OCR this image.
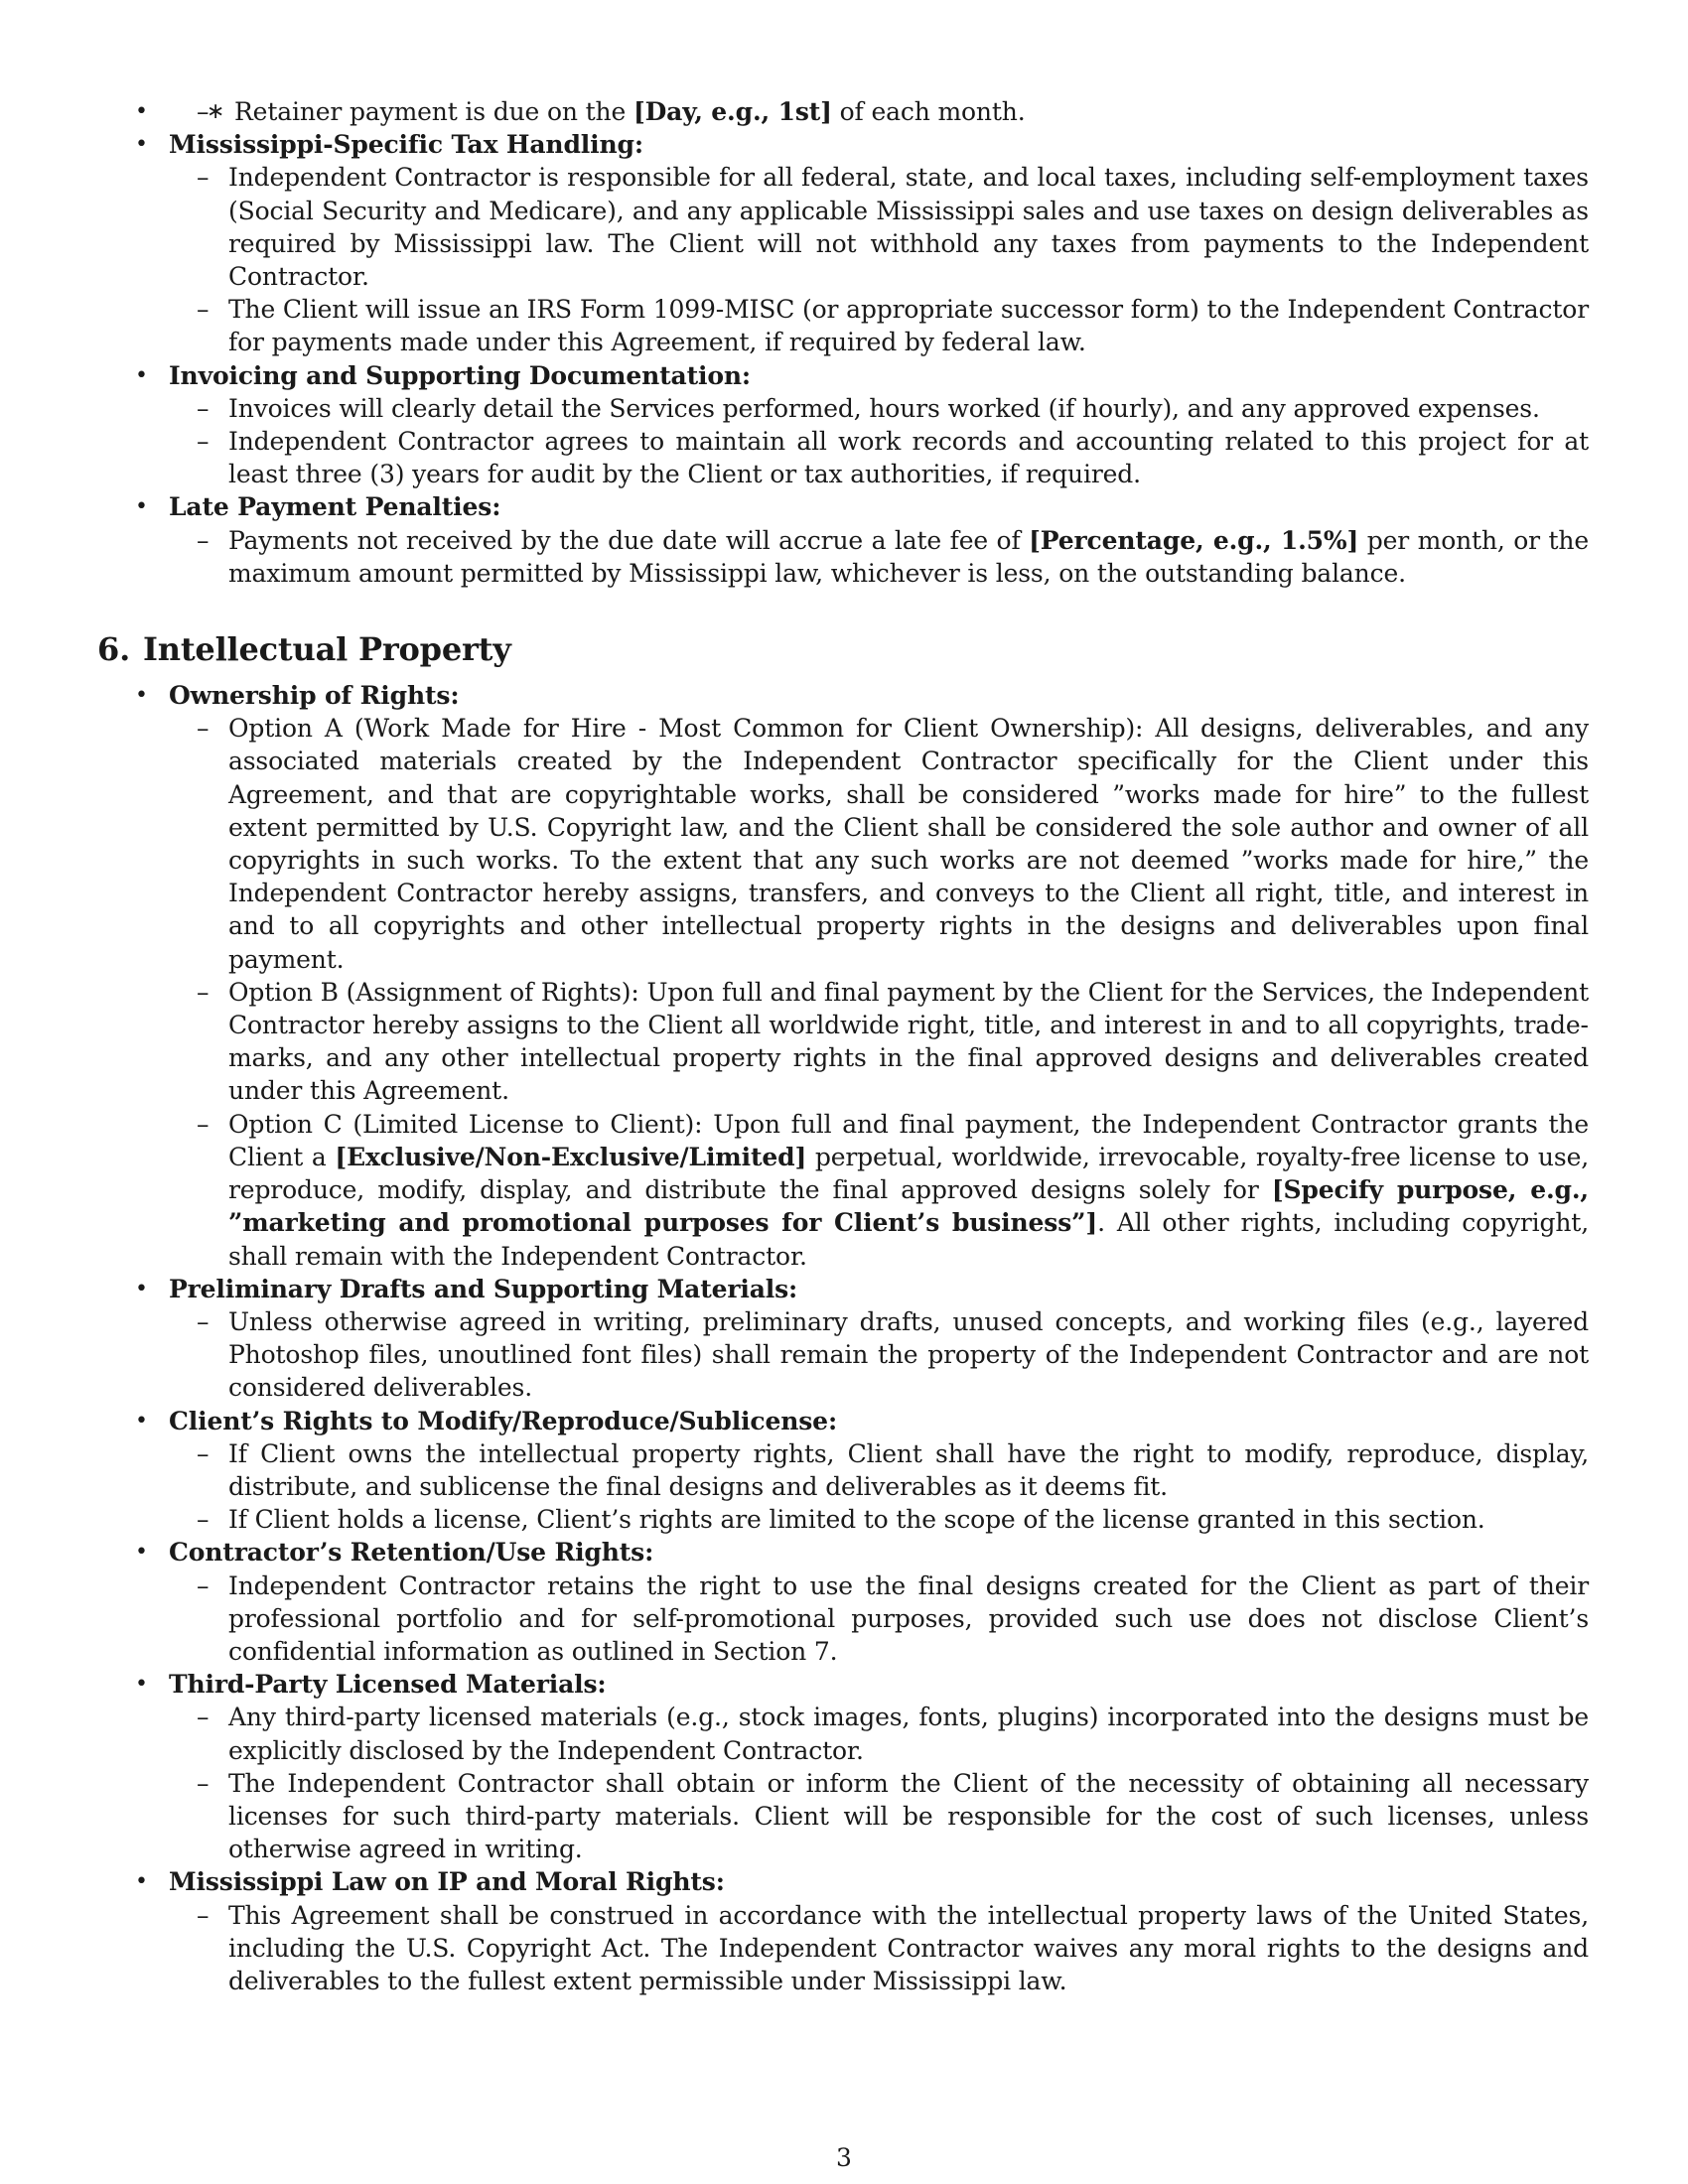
∗ – • Retainer payment is due on the [Day, e.g., 1st] of each month.
• Mississippi-Specific Tax Handling:
– Independent Contractor is responsible for all federal, state, and local taxes, including self-employment taxes (Social Security and Medicare), and any applicable Mississippi sales and use taxes on design deliverables as required by Mississippi law. The Client will not withhold any taxes from payments to the Independent Contractor.
– The Client will issue an IRS Form 1099-MISC (or appropriate successor form) to the Independent Contractor for payments made under this Agreement, if required by federal law.
• Invoicing and Supporting Documentation:
– Invoices will clearly detail the Services performed, hours worked (if hourly), and any approved expenses.
– Independent Contractor agrees to maintain all work records and accounting related to this project for at least three (3) years for audit by the Client or tax authorities, if required.
• Late Payment Penalties:
– Payments not received by the due date will accrue a late fee of [Percentage, e.g., 1.5%] per month, or the maximum amount permitted by Mississippi law, whichever is less, on the outstanding balance.
6. Intellectual Property
• Ownership of Rights:
– Option A (Work Made for Hire - Most Common for Client Ownership): All designs, deliverables, and any associated materials created by the Independent Contractor specifically for the Client under this Agreement, and that are copyrightable works, shall be considered ”works made for hire” to the fullest extent permitted by U.S. Copyright law, and the Client shall be considered the sole author and owner of all copyrights in such works. To the extent that any such works are not deemed ”works made for hire,” the Independent Contractor hereby assigns, transfers, and conveys to the Client all right, title, and interest in and to all copyrights and other intellectual property rights in the designs and deliverables upon final payment.
– Option B (Assignment of Rights): Upon full and final payment by the Client for the Services, the Independent Contractor hereby assigns to the Client all worldwide right, title, and interest in and to all copyrights, trademarks, and any other intellectual property rights in the final approved designs and deliverables created under this Agreement.
– Option C (Limited License to Client): Upon full and final payment, the Independent Contractor grants the Client a [Exclusive/Non-Exclusive/Limited] perpetual, worldwide, irrevocable, royalty-free license to use, reproduce, modify, display, and distribute the final approved designs solely for [Specify purpose, e.g., ”marketing and promotional purposes for Client’s business”]. All other rights, including copyright, shall remain with the Independent Contractor.
• Preliminary Drafts and Supporting Materials:
– Unless otherwise agreed in writing, preliminary drafts, unused concepts, and working files (e.g., layered Photoshop files, unoutlined font files) shall remain the property of the Independent Contractor and are not considered deliverables.
• Client’s Rights to Modify/Reproduce/Sublicense:
– If Client owns the intellectual property rights, Client shall have the right to modify, reproduce, display, distribute, and sublicense the final designs and deliverables as it deems fit.
– If Client holds a license, Client’s rights are limited to the scope of the license granted in this section.
• Contractor’s Retention/Use Rights:
– Independent Contractor retains the right to use the final designs created for the Client as part of their professional portfolio and for self-promotional purposes, provided such use does not disclose Client’s confidential information as outlined in Section 7.
• Third-Party Licensed Materials:
– Any third-party licensed materials (e.g., stock images, fonts, plugins) incorporated into the designs must be explicitly disclosed by the Independent Contractor.
– The Independent Contractor shall obtain or inform the Client of the necessity of obtaining all necessary licenses for such third-party materials. Client will be responsible for the cost of such licenses, unless otherwise agreed in writing.
• Mississippi Law on IP and Moral Rights:
– This Agreement shall be construed in accordance with the intellectual property laws of the United States, including the U.S. Copyright Act. The Independent Contractor waives any moral rights to the designs and deliverables to the fullest extent permissible under Mississippi law.
3
